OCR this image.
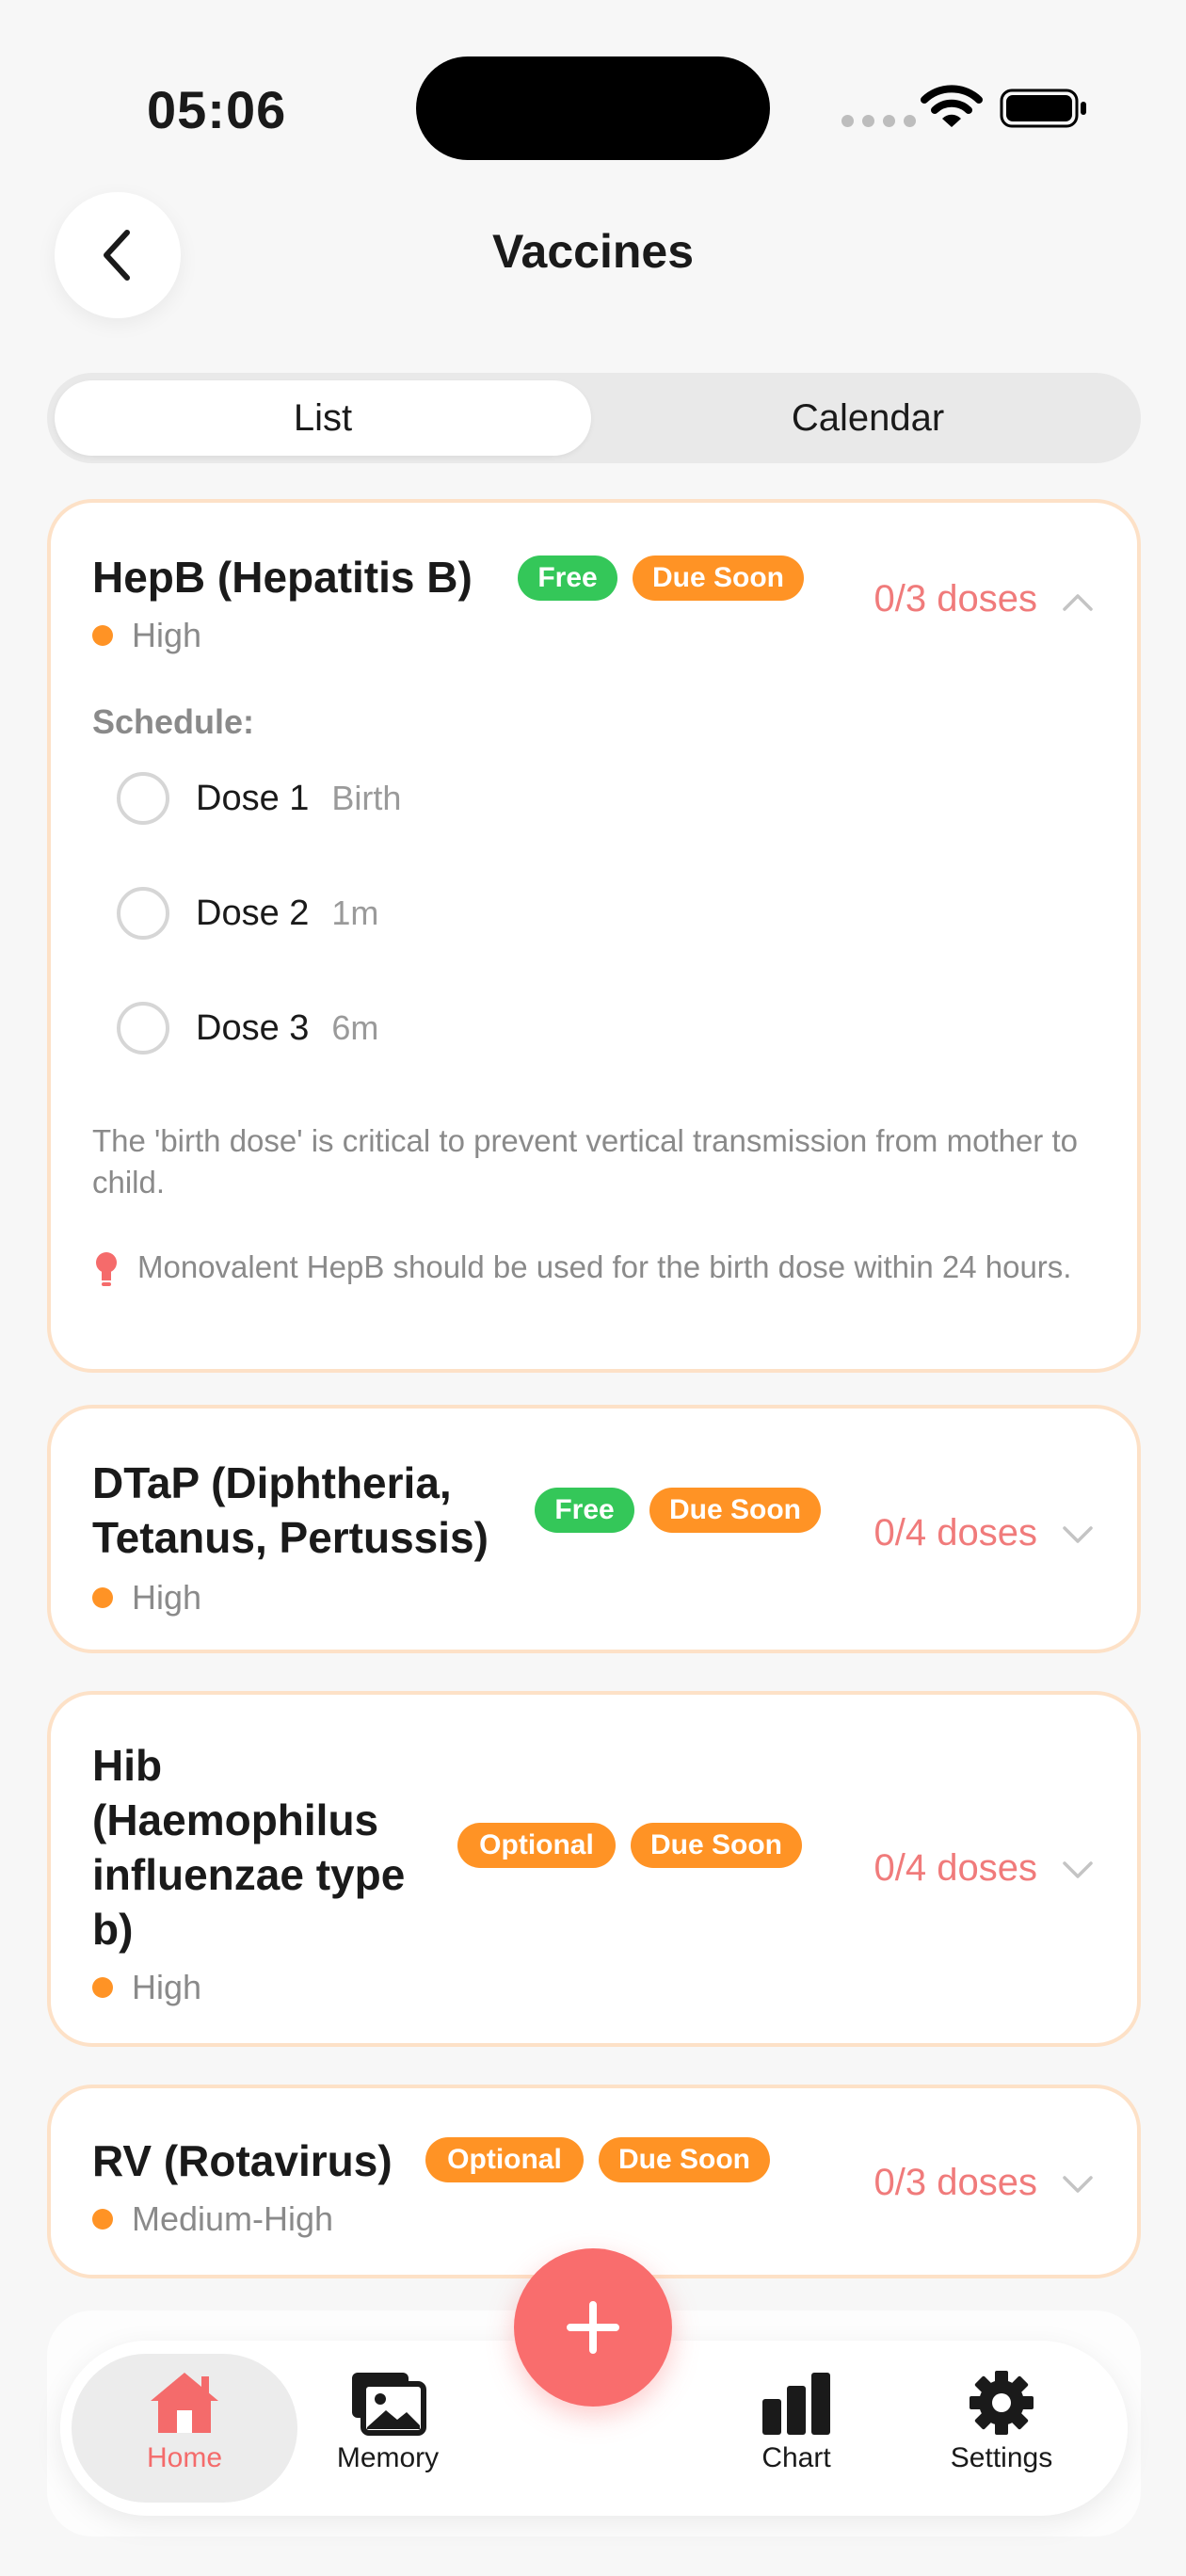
05:06
Vaccines
List	Calendar
HepB (Hepatitis B)	Free	Due Soon
High
0/3 doses
Schedule:
Dose 1 Birth
Dose 2 1m
Dose 3 6m
The 'birth dose' is critical to prevent vertical transmission from mother to child.
Monovalent HepB should be used for the birth dose within 24 hours.
DTaP (Diphtheria,
Tetanus, Pertussis)
Free	Due Soon
High
0/4 doses
Hib
(Haemophilus
influenzae type
b)
Optional	Due Soon
High
0/4 doses
RV (Rotavirus)	Optional	Due Soon
Medium-High
0/3 doses
Home	Memory	Chart	Settings
